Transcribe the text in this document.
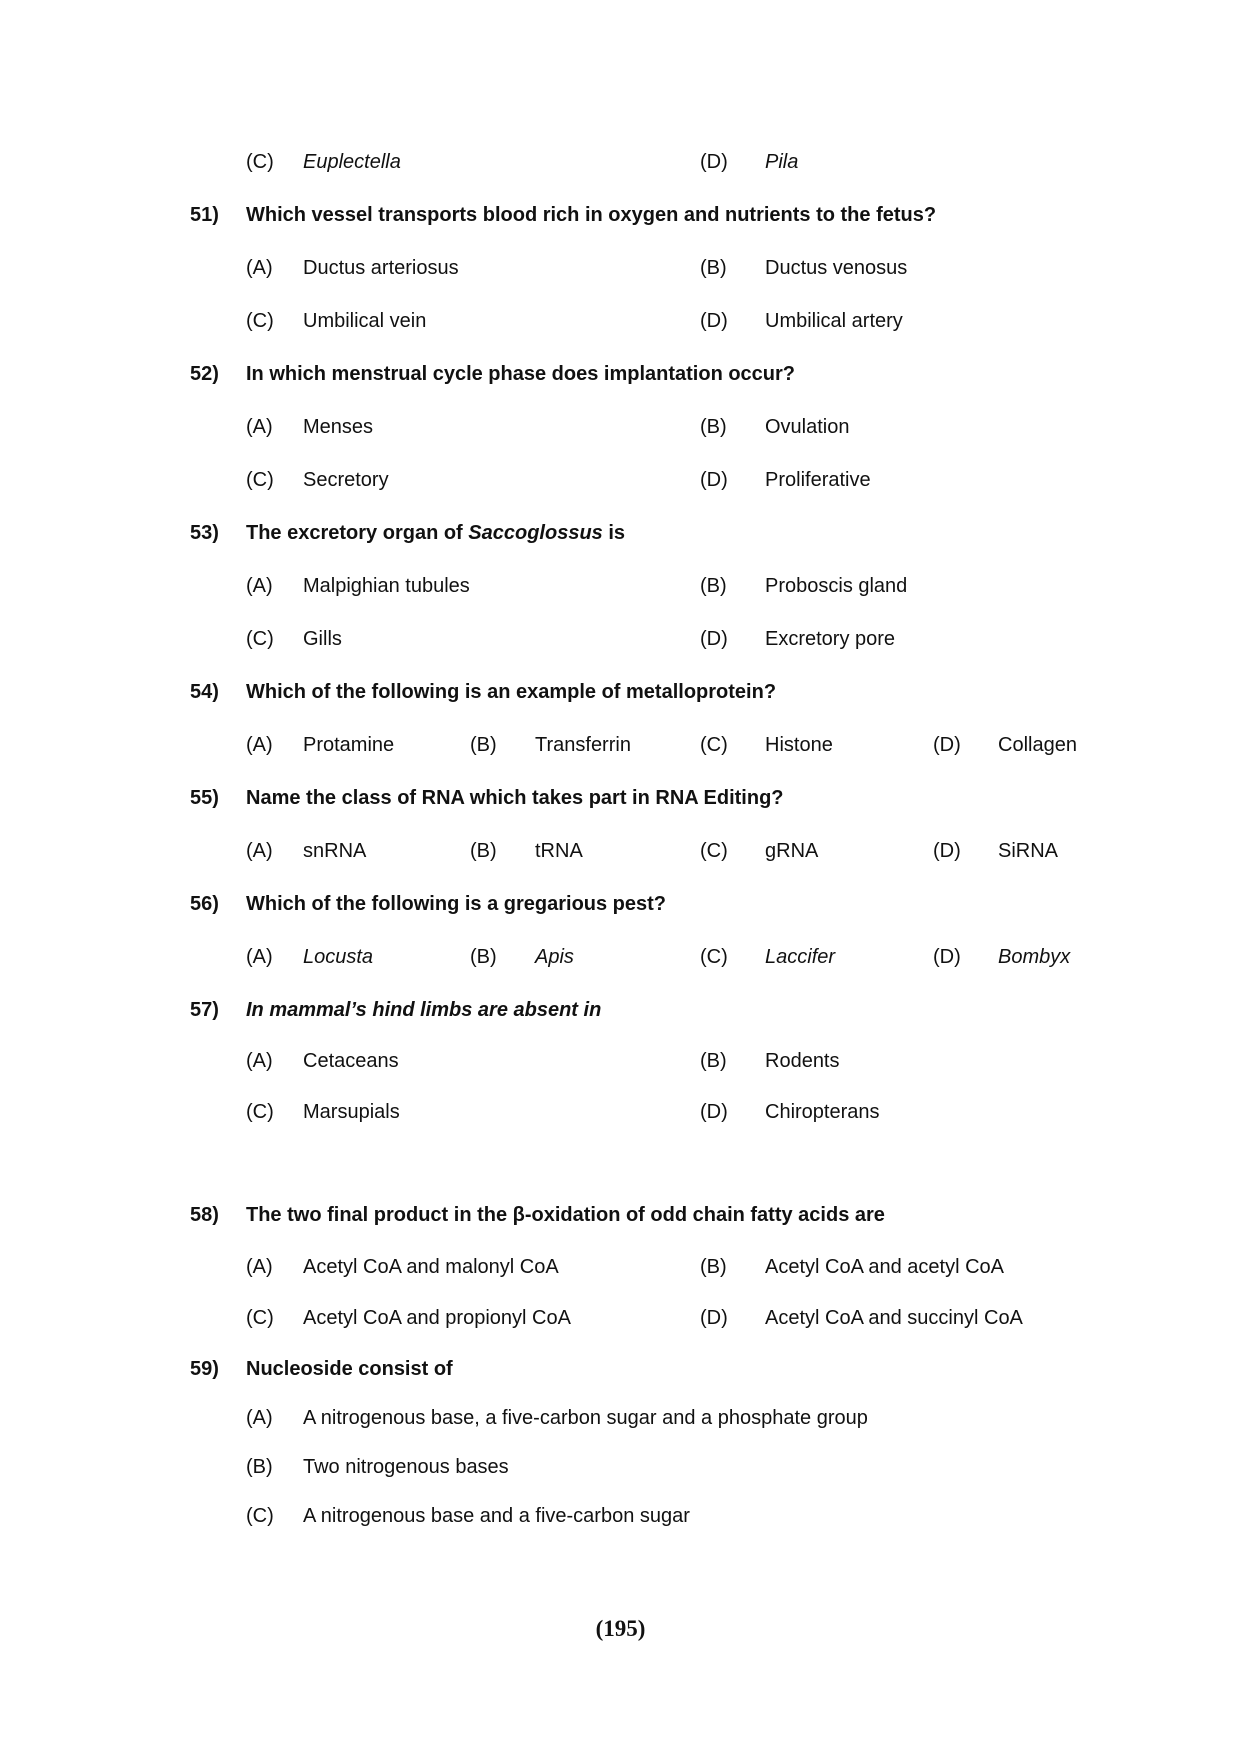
(C) Euplectella	(D) Pila
51) Which vessel transports blood rich in oxygen and nutrients to the fetus?
(A) Ductus arteriosus	(B) Ductus venosus
(C) Umbilical vein	(D) Umbilical artery
52) In which menstrual cycle phase does implantation occur?
(A) Menses	(B) Ovulation
(C) Secretory	(D) Proliferative
53) The excretory organ of Saccoglossus is
(A) Malpighian tubules	(B) Proboscis gland
(C) Gills	(D) Excretory pore
54) Which of the following is an example of metalloprotein?
(A) Protamine	(B) Transferrin	(C) Histone	(D) Collagen
55) Name the class of RNA which takes part in RNA Editing?
(A) snRNA	(B) tRNA	(C) gRNA	(D) SiRNA
56) Which of the following is a gregarious pest?
(A) Locusta	(B) Apis	(C) Laccifer	(D) Bombyx
57) In mammal’s hind limbs are absent in
(A) Cetaceans	(B) Rodents
(C) Marsupials	(D) Chiropterans
58) The two final product in the β-oxidation of odd chain fatty acids are
(A) Acetyl CoA and malonyl CoA	(B) Acetyl CoA and acetyl CoA
(C) Acetyl CoA and propionyl CoA	(D) Acetyl CoA and succinyl CoA
59) Nucleoside consist of
(A) A nitrogenous base, a five-carbon sugar and a phosphate group
(B) Two nitrogenous bases
(C) A nitrogenous base and a five-carbon sugar
(195)
